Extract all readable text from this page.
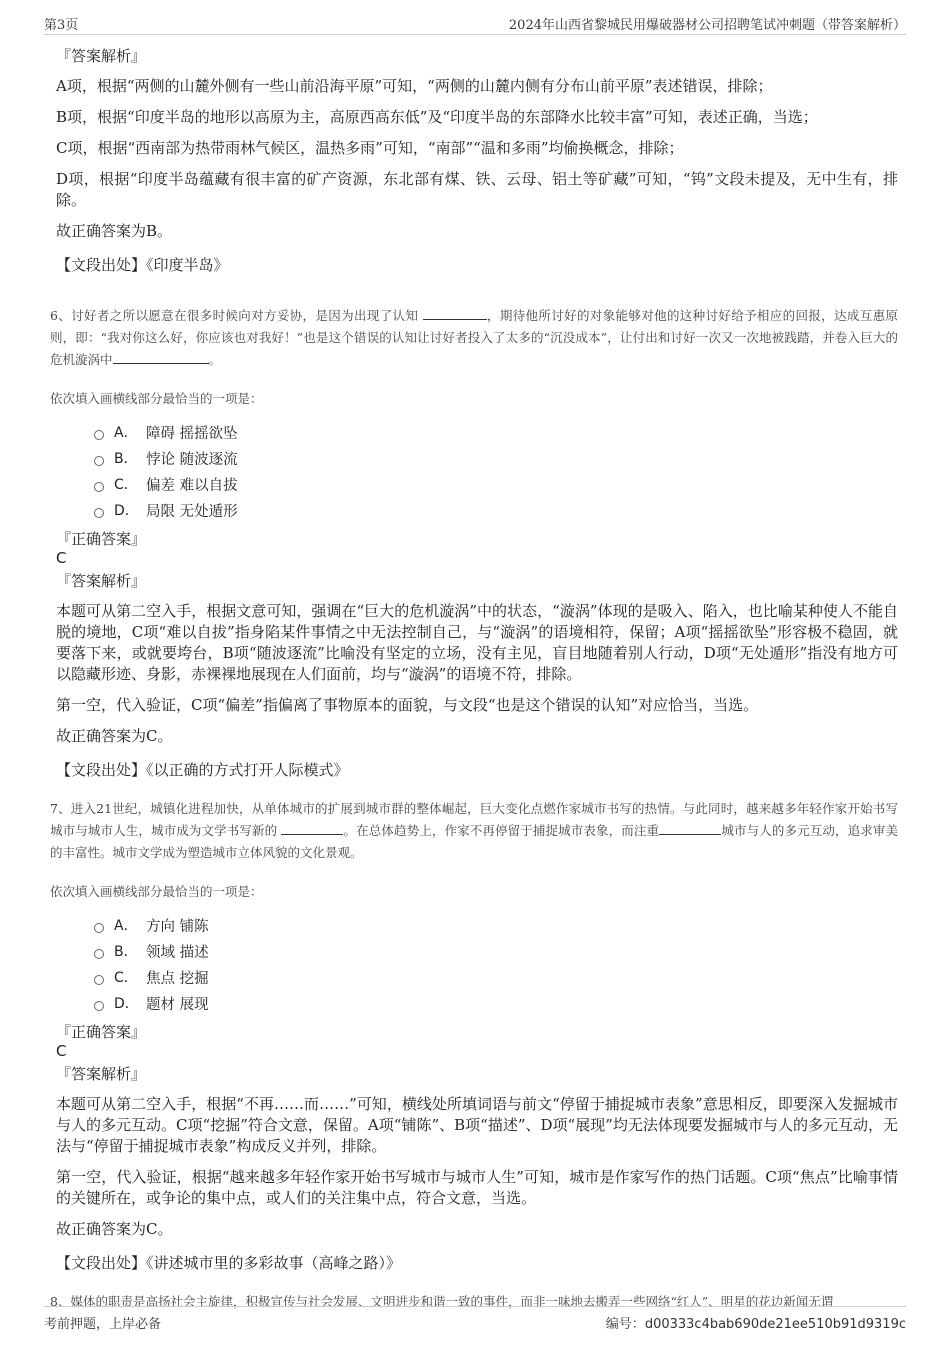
第3页	2024年山西省黎城民用爆破器材公司招聘笔试冲刺题（带答案解析）
『答案解析』

A项，根据“两侧的山麓外侧有一些山前沿海平原”可知，“两侧的山麓内侧有分布山前平原”表述错误，排除；

B项，根据“印度半岛的地形以高原为主，高原西高东低”及“印度半岛的东部降水比较丰富”可知，表述正确，当选；

C项，根据“西南部为热带雨林气候区，温热多雨”可知，“南部”“温和多雨”均偷换概念，排除；

D项，根据“印度半岛蕴藏有很丰富的矿产资源，东北部有煤、铁、云母、铝土等矿藏”可知，“钨”文段未提及，无中生有，排除。

故正确答案为B。

【文段出处】《印度半岛》
6、讨好者之所以愿意在很多时候向对方妥协，是因为出现了认知	，期待他所讨好的对象能够对他的这种讨好给予相应的回报，达成互惠原则，即：“我对你这么好，你应该也对我好！”也是这个错误的认知让讨好者投入了太多的“沉没成本”，让付出和讨好一次又一次地被践踏，并卷入巨大的危机漩涡中	。
依次填入画横线部分最恰当的一项是：
A． 障碍 摇摇欲坠
B． 悖论 随波逐流
C． 偏差 难以自拔
D． 局限 无处遁形
『正确答案』
C
『答案解析』

本题可从第二空入手，根据文意可知，强调在“巨大的危机漩涡”中的状态，“漩涡”体现的是吸入、陷入，也比喻某种使人不能自脱的境地，C项“难以自拔”指身陷某件事情之中无法控制自己，与“漩涡”的语境相符，保留；A项“摇摇欲坠”形容极不稳固，就要落下来，或就要垮台，B项“随波逐流”比喻没有坚定的立场，没有主见，盲目地随着别人行动，D项“无处遁形”指没有地方可以隐藏形迹、身影，赤裸裸地展现在人们面前，均与“漩涡”的语境不符，排除。

第一空，代入验证，C项“偏差”指偏离了事物原本的面貌，与文段“也是这个错误的认知”对应恰当，当选。

故正确答案为C。

【文段出处】《以正确的方式打开人际模式》
7、进入21世纪，城镇化进程加快，从单体城市的扩展到城市群的整体崛起，巨大变化点燃作家城市书写的热情。与此同时，越来越多年轻作家开始书写城市与城市人生，城市成为文学书写新的	。在总体趋势上，作家不再停留于捕捉城市表象，而注重	城市与人的多元互动，追求审美的丰富性。城市文学成为塑造城市立体风貌的文化景观。
依次填入画横线部分最恰当的一项是：
A． 方向 铺陈
B． 领域 描述
C． 焦点 挖掘
D． 题材 展现
『正确答案』
C
『答案解析』

本题可从第二空入手，根据“不再……而……”可知，横线处所填词语与前文“停留于捕捉城市表象”意思相反，即要深入发掘城市与人的多元互动。C项“挖掘”符合文意，保留。A项“铺陈”、B项“描述”、D项“展现”均无法体现要发掘城市与人的多元互动，无法与“停留于捕捉城市表象”构成反义并列，排除。

第一空，代入验证，根据“越来越多年轻作家开始书写城市与城市人生”可知，城市是作家写作的热门话题。C项“焦点”比喻事情的关键所在，或争论的集中点，或人们的关注集中点，符合文意，当选。

故正确答案为C。

【文段出处】《讲述城市里的多彩故事（高峰之路）》
8、媒体的职责是高扬社会主旋律，积极宣传与社会发展、文明进步和谐一致的事件，而非一味地去搬弄一些网络“红人”、明星的花边新闻无谓
考前押题，上岸必备	编号：d00333c4bab690de21ee510b91d9319c
